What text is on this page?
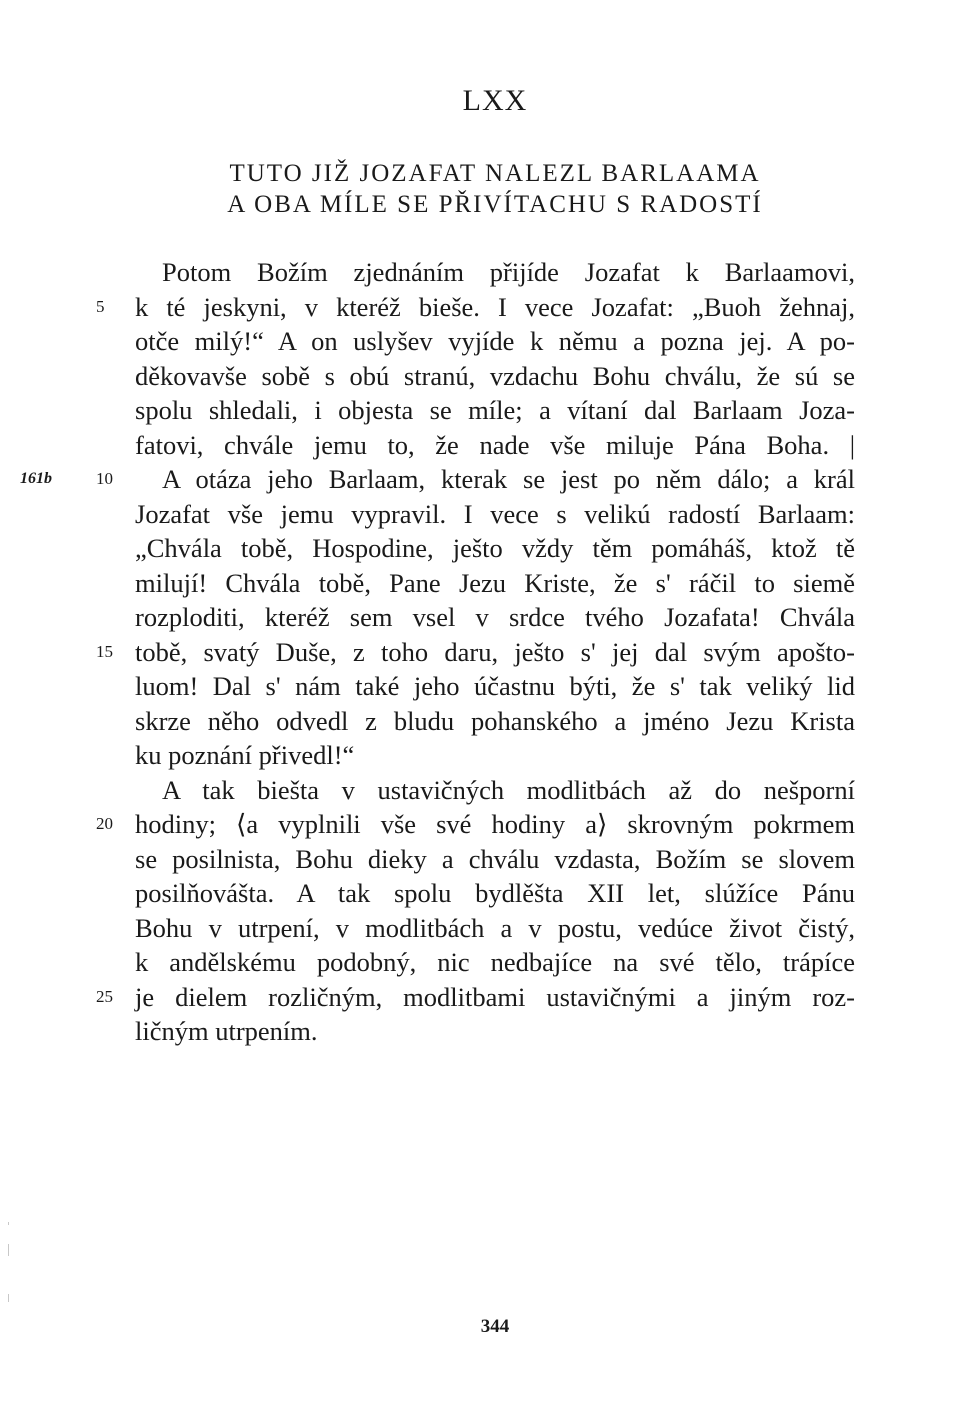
LXX
TUTO JIŽ JOZAFAT NALEZL BARLAAMA
A OBA MÍLE SE PŘIVÍTACHU S RADOSTÍ
Potom Božím zjednáním přijíde Jozafat k Barlaamovi,
k té jeskyni, v kteréž bieše. I vece Jozafat: „Buoh žehnaj,
otče milý!“ A on uslyšev vyjíde k němu a pozna jej. A po-
děkovavše sobě s obú stranú, vzdachu Bohu chválu, že sú se
spolu shledali, i objesta se míle; a vítaní dal Barlaam Joza-
fatovi, chvále jemu to, že nade vše miluje Pána Boha. |
A otáza jeho Barlaam, kterak se jest po něm dálo; a král
Jozafat vše jemu vypravil. I vece s velikú radostí Barlaam:
„Chvála tobě, Hospodine, ješto vždy těm pomáháš, ktož tě
milují! Chvála tobě, Pane Jezu Kriste, že s' ráčil to siemě
rozploditi, kteréž sem vsel v srdce tvého Jozafata! Chvála
tobě, svatý Duše, z toho daru, ješto s' jej dal svým apošto-
luom! Dal s' nám také jeho účastnu býti, že s' tak veliký lid
skrze něho odvedl z bludu pohanského a jméno Jezu Krista
ku poznání přivedl!“
A tak biešta v ustavičných modlitbách až do nešporní
hodiny; ⟨a vyplnili vše své hodiny a⟩ skrovným pokrmem
se posilnista, Bohu dieky a chválu vzdasta, Božím se slovem
posilňovášta. A tak spolu bydlěšta XII let, slúžíce Pánu
Bohu v utrpení, v modlitbách a v postu, vedúce život čistý,
k andělskému podobný, nic nedbajíce na své tělo, trápíce
je dielem rozličným, modlitbami ustavičnými a jiným roz-
ličným utrpením.
5
10
15
20
25
161b
344
